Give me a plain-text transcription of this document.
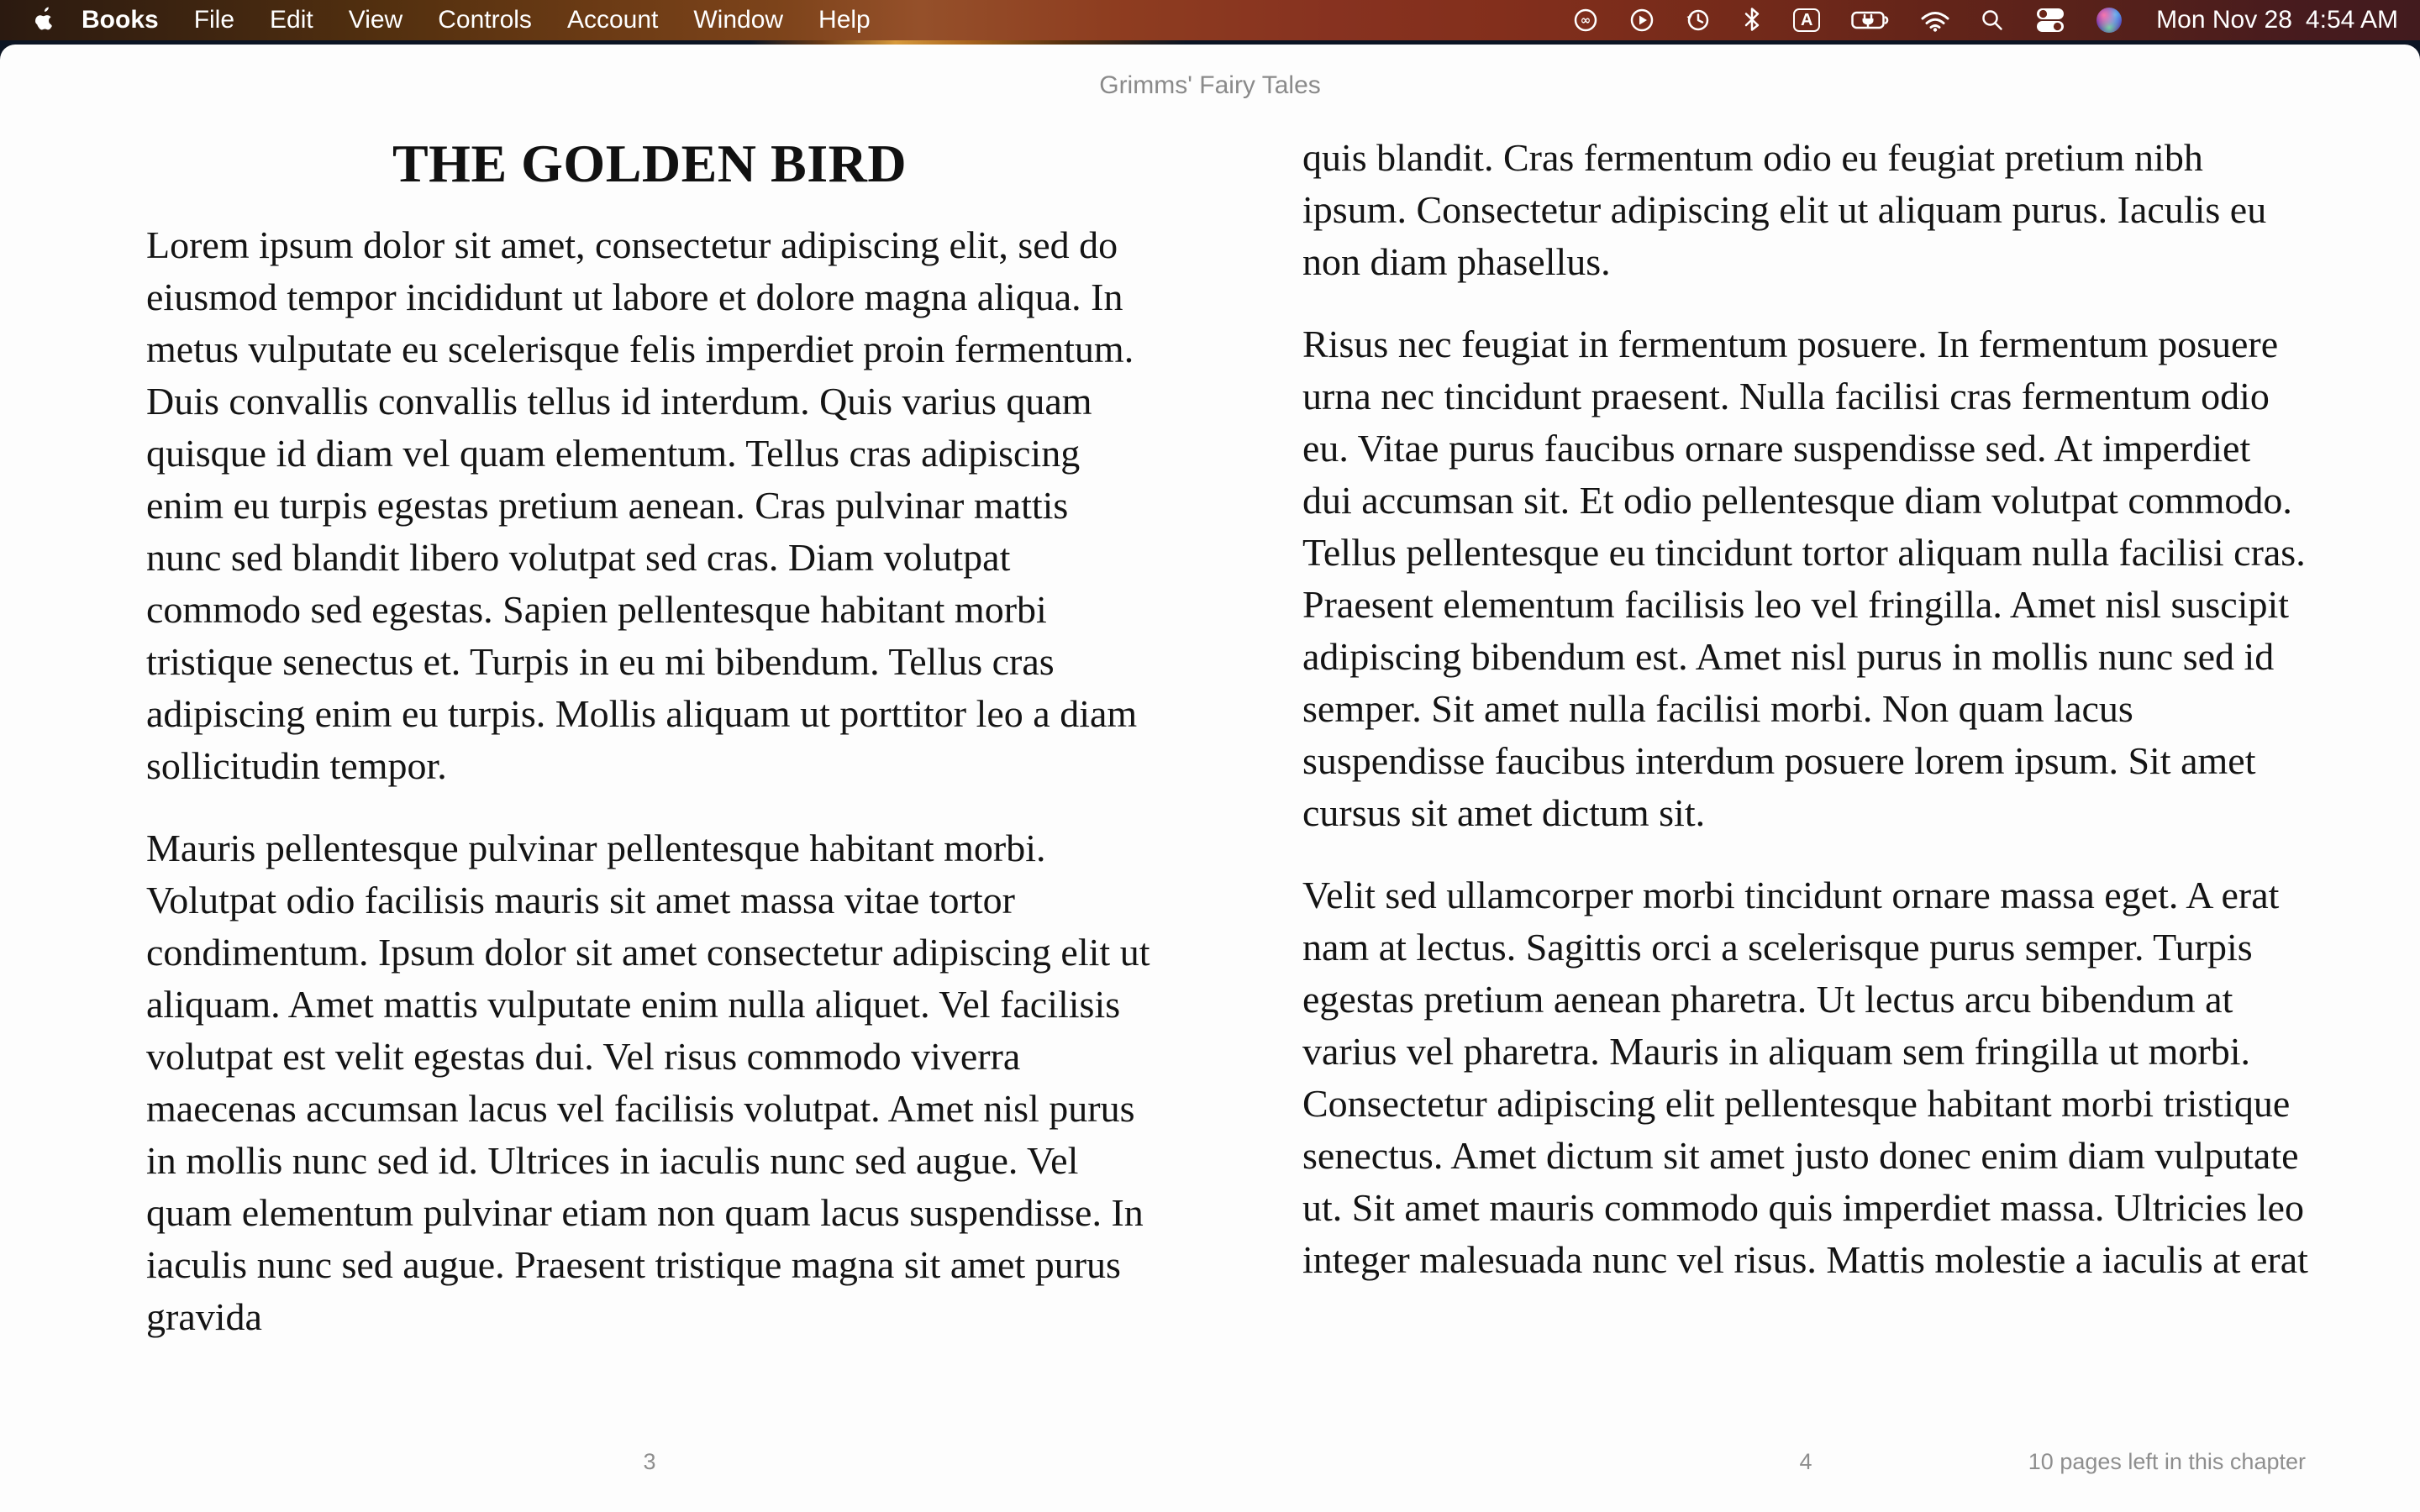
Books	File	Edit	View	Controls	Account	Window	Help	∞	A	Mon Nov 28 4:54 AM
Grimms' Fairy Tales
THE GOLDEN BIRD

Lorem ipsum dolor sit amet, consectetur adipiscing elit, sed do eiusmod tempor incididunt ut labore et dolore magna aliqua. In metus vulputate eu scelerisque felis imperdiet proin fermentum. Duis convallis convallis tellus id interdum. Quis varius quam quisque id diam vel quam elementum. Tellus cras adipiscing enim eu turpis egestas pretium aenean. Cras pulvinar mattis nunc sed blandit libero volutpat sed cras. Diam volutpat commodo sed egestas. Sapien pellentesque habitant morbi tristique senectus et. Turpis in eu mi bibendum. Tellus cras adipiscing enim eu turpis. Mollis aliquam ut porttitor leo a diam sollicitudin tempor.

Mauris pellentesque pulvinar pellentesque habitant morbi. Volutpat odio facilisis mauris sit amet massa vitae tortor condimentum. Ipsum dolor sit amet consectetur adipiscing elit ut aliquam. Amet mattis vulputate enim nulla aliquet. Vel facilisis volutpat est velit egestas dui. Vel risus commodo viverra maecenas accumsan lacus vel facilisis volutpat. Amet nisl purus in mollis nunc sed id. Ultrices in iaculis nunc sed augue. Vel quam elementum pulvinar etiam non quam lacus suspendisse. In iaculis nunc sed augue. Praesent tristique magna sit amet purus gravida

quis blandit. Cras fermentum odio eu feugiat pretium nibh ipsum. Consectetur adipiscing elit ut aliquam purus. Iaculis eu non diam phasellus.

Risus nec feugiat in fermentum posuere. In fermentum posuere urna nec tincidunt praesent. Nulla facilisi cras fermentum odio eu. Vitae purus faucibus ornare suspendisse sed. At imperdiet dui accumsan sit. Et odio pellentesque diam volutpat commodo. Tellus pellentesque eu tincidunt tortor aliquam nulla facilisi cras. Praesent elementum facilisis leo vel fringilla. Amet nisl suscipit adipiscing bibendum est. Amet nisl purus in mollis nunc sed id semper. Sit amet nulla facilisi morbi. Non quam lacus suspendisse faucibus interdum posuere lorem ipsum. Sit amet cursus sit amet dictum sit.

Velit sed ullamcorper morbi tincidunt ornare massa eget. A erat nam at lectus. Sagittis orci a scelerisque purus semper. Turpis egestas pretium aenean pharetra. Ut lectus arcu bibendum at varius vel pharetra. Mauris in aliquam sem fringilla ut morbi. Consectetur adipiscing elit pellentesque habitant morbi tristique senectus. Amet dictum sit amet justo donec enim diam vulputate ut. Sit amet mauris commodo quis imperdiet massa. Ultricies leo integer malesuada nunc vel risus. Mattis molestie a iaculis at erat

3	4	10 pages left in this chapter
